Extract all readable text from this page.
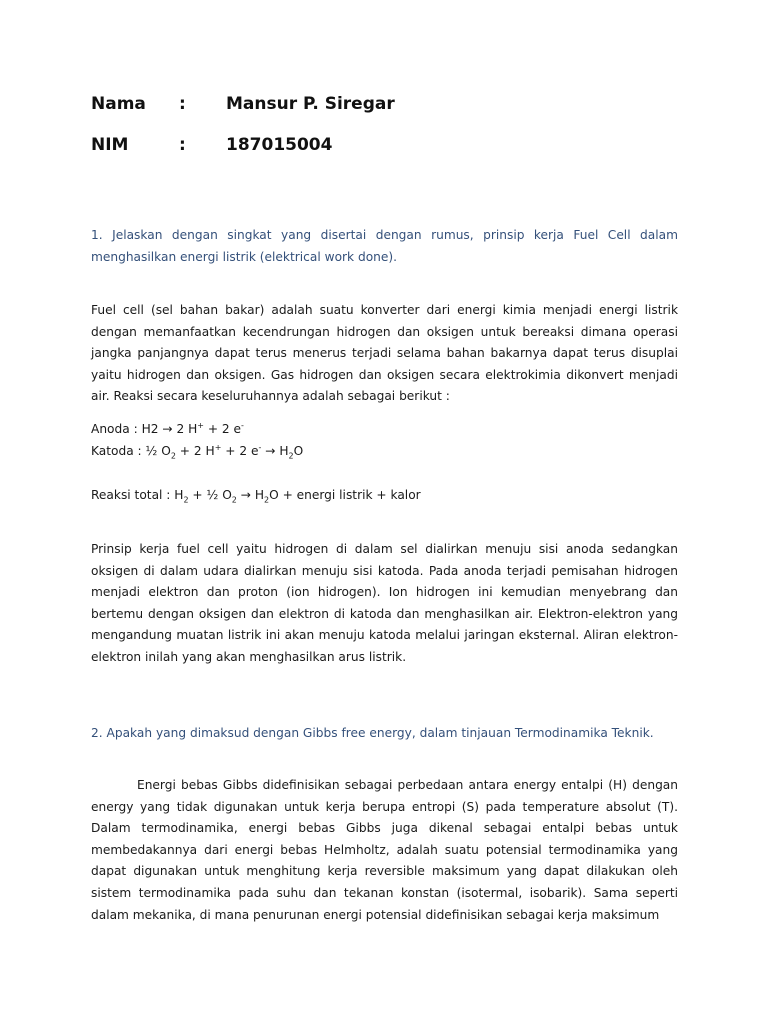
Nama : Mansur P. Siregar
NIM	: 187015004
1. Jelaskan dengan singkat yang disertai dengan rumus, prinsip kerja Fuel Cell dalam menghasilkan energi listrik (elektrical work done).
Fuel cell (sel bahan bakar) adalah suatu konverter dari energi kimia menjadi energi listrik dengan memanfaatkan kecendrungan hidrogen dan oksigen untuk bereaksi dimana operasi jangka panjangnya dapat terus menerus terjadi selama bahan bakarnya dapat terus disuplai yaitu hidrogen dan oksigen. Gas hidrogen dan oksigen secara elektrokimia dikonvert menjadi air. Reaksi secara keseluruhannya adalah sebagai berikut :
Anoda : H2 → 2 H+ + 2 e-
Katoda : ½ $O_2 + 2$ H+ + 2 $e^- \to H_2O$
Reaksi total : $H_2$ + ½ $O_2 \to H_2O$ + energi listrik + kalor
Prinsip kerja fuel cell yaitu hidrogen di dalam sel dialirkan menuju sisi anoda sedangkan oksigen di dalam udara dialirkan menuju sisi katoda. Pada anoda terjadi pemisahan hidrogen menjadi elektron dan proton (ion hidrogen). Ion hidrogen ini kemudian menyebrang dan bertemu dengan oksigen dan elektron di katoda dan menghasilkan air. Elektron-elektron yang mengandung muatan listrik ini akan menuju katoda melalui jaringan eksternal. Aliran elektron-elektron inilah yang akan menghasilkan arus listrik.
2. Apakah yang dimaksud dengan Gibbs free energy, dalam tinjauan Termodinamika Teknik.
Energi bebas Gibbs didefinisikan sebagai perbedaan antara energy entalpi (H) dengan energy yang tidak digunakan untuk kerja berupa entropi (S) pada temperature absolut (T). Dalam termodinamika, energi bebas Gibbs juga dikenal sebagai entalpi bebas untuk membedakannya dari energi bebas Helmholtz, adalah suatu potensial termodinamika yang dapat digunakan untuk menghitung kerja reversible maksimum yang dapat dilakukan oleh sistem termodinamika pada suhu dan tekanan konstan (isotermal, isobarik). Sama seperti dalam mekanika, di mana penurunan energi potensial didefinisikan sebagai kerja maksimum
